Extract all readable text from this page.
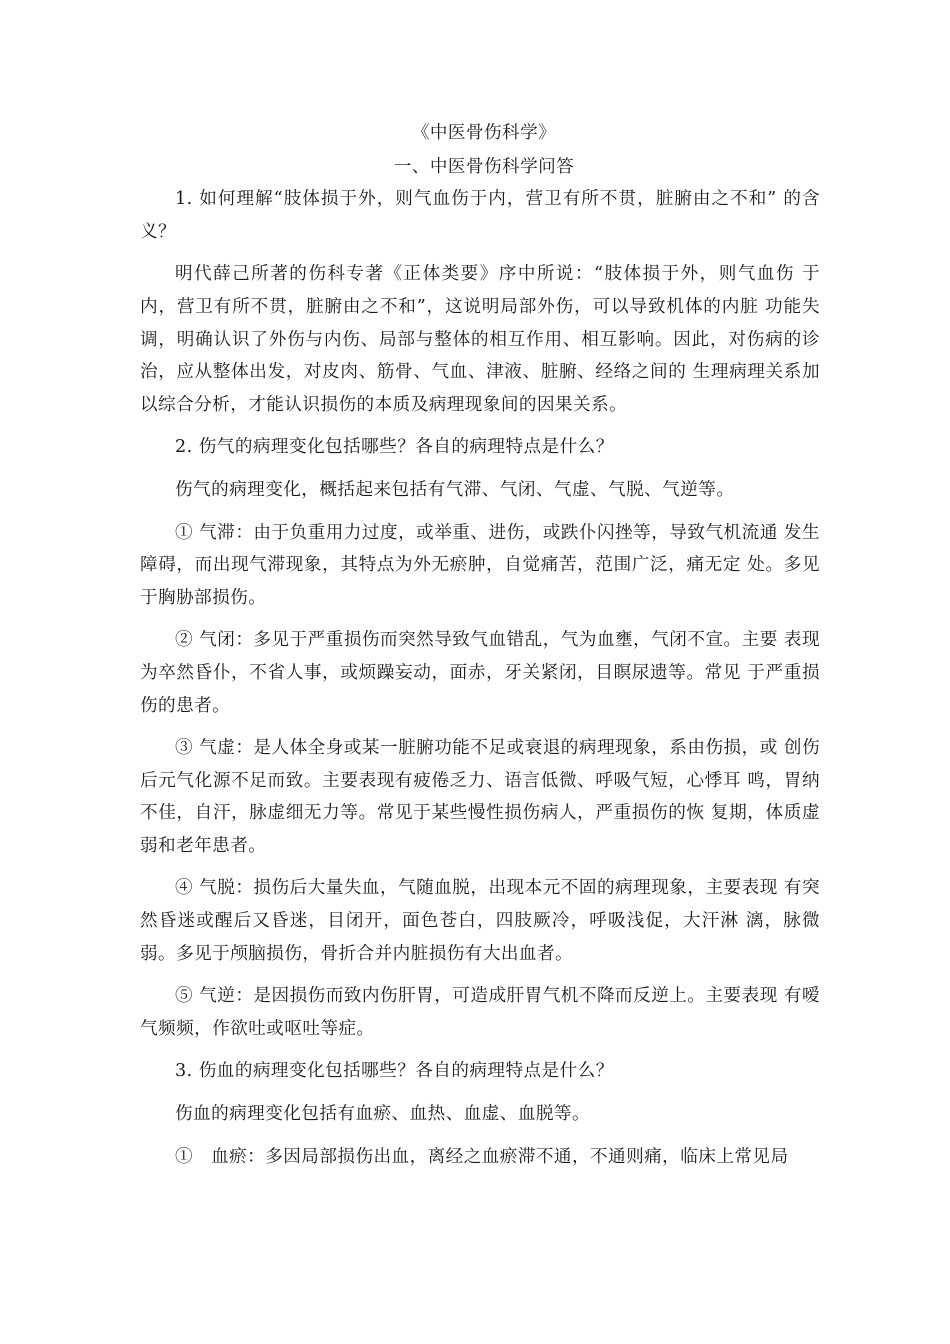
《中医骨伤科学》

一、中医骨伤科学问答

1. 如何理解“肢体损于外，则气血伤于内，营卫有所不贯，脏腑由之不和” 的含义？

明代薛己所著的伤科专著《正体类要》序中所说：“肢体损于外，则气血伤 于内，营卫有所不贯，脏腑由之不和”，这说明局部外伤，可以导致机体的内脏 功能失调，明确认识了外伤与内伤、局部与整体的相互作用、相互影响。因此，对伤病的诊治，应从整体出发，对皮肉、筋骨、气血、津液、脏腑、经络之间的 生理病理关系加以综合分析，才能认识损伤的本质及病理现象间的因果关系。

2. 伤气的病理变化包括哪些？各自的病理特点是什么？

伤气的病理变化，概括起来包括有气滞、气闭、气虚、气脱、气逆等。

① 气滞：由于负重用力过度，或举重、进伤，或跌仆闪挫等，导致气机流通 发生障碍，而出现气滞现象，其特点为外无瘀肿，自觉痛苦，范围广泛，痛无定 处。多见于胸胁部损伤。

② 气闭：多见于严重损伤而突然导致气血错乱，气为血壅，气闭不宣。主要 表现为卒然昏仆，不省人事，或烦躁妄动，面赤，牙关紧闭，目瞑尿遗等。常见 于严重损伤的患者。

③ 气虚：是人体全身或某一脏腑功能不足或衰退的病理现象，系由伤损，或 创伤后元气化源不足而致。主要表现有疲倦乏力、语言低微、呼吸气短，心悸耳 鸣，胃纳不佳，自汗，脉虚细无力等。常见于某些慢性损伤病人，严重损伤的恢 复期，体质虚弱和老年患者。

④ 气脱：损伤后大量失血，气随血脱，出现本元不固的病理现象，主要表现 有突然昏迷或醒后又昏迷，目闭开，面色苍白，四肢厥冷，呼吸浅促，大汗淋 漓，脉微弱。多见于颅脑损伤，骨折合并内脏损伤有大出血者。

⑤ 气逆：是因损伤而致内伤肝胃，可造成肝胃气机不降而反逆上。主要表现 有嗳气频频，作欲吐或呕吐等症。

3. 伤血的病理变化包括哪些？各自的病理特点是什么？

伤血的病理变化包括有血瘀、血热、血虚、血脱等。

①　血瘀：多因局部损伤出血，离经之血瘀滞不通，不通则痛，临床上常见局
